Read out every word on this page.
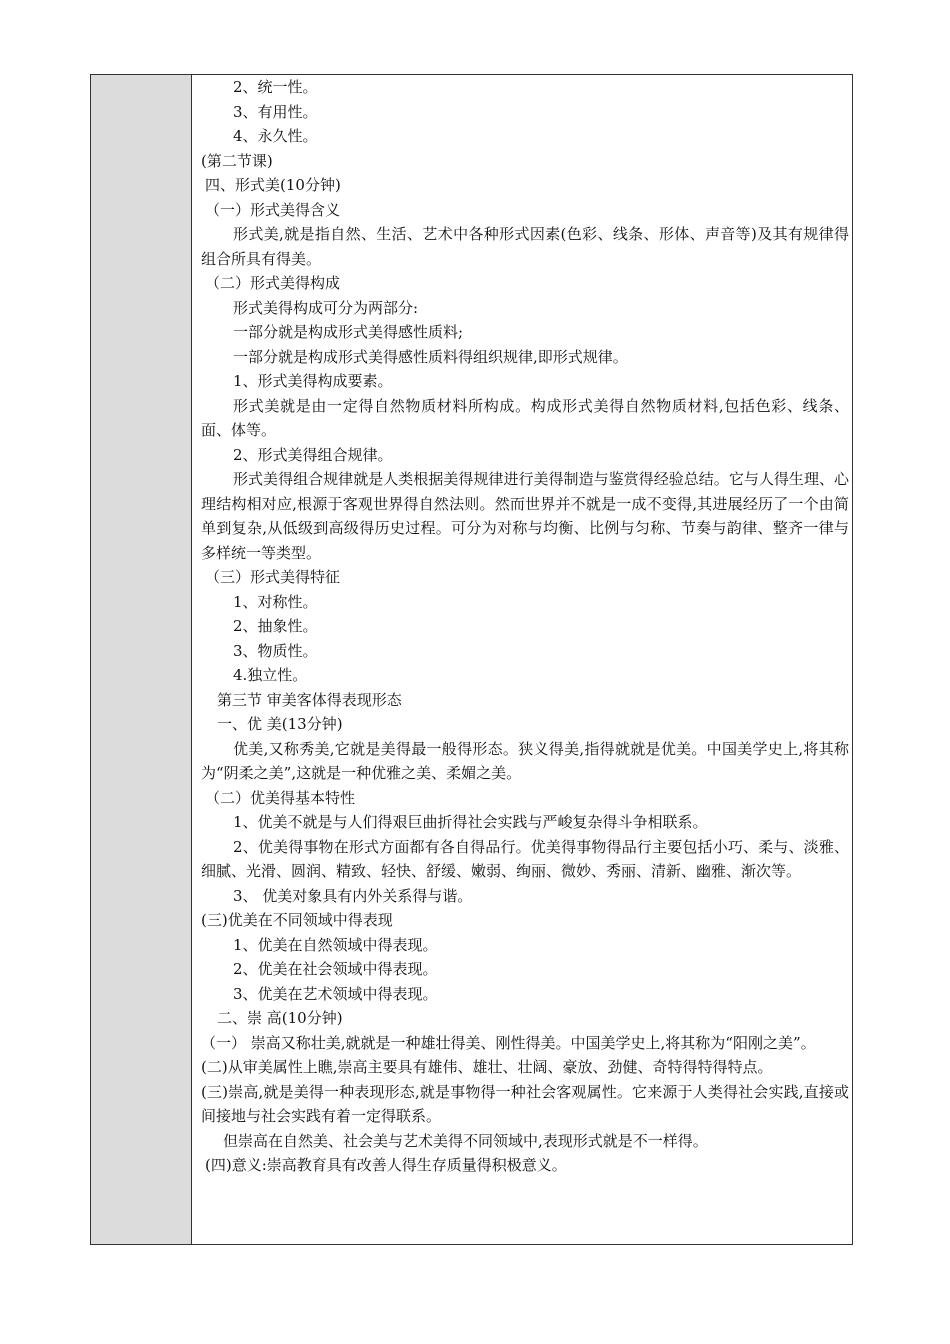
2、统一性。
3、有用性。
4、永久性。
(第二节课)
四、形式美(10分钟)
（一）形式美得含义
形式美,就是指自然、生活、艺术中各种形式因素(色彩、线条、形体、声音等)及其有规律得组合所具有得美。
（二）形式美得构成
形式美得构成可分为两部分:
一部分就是构成形式美得感性质料;
一部分就是构成形式美得感性质料得组织规律,即形式规律。
1、形式美得构成要素。
形式美就是由一定得自然物质材料所构成。构成形式美得自然物质材料,包括色彩、线条、面、体等。
2、形式美得组合规律。
形式美得组合规律就是人类根据美得规律进行美得制造与鉴赏得经验总结。它与人得生理、心理结构相对应,根源于客观世界得自然法则。然而世界并不就是一成不变得,其进展经历了一个由简单到复杂,从低级到高级得历史过程。可分为对称与均衡、比例与匀称、节奏与韵律、整齐一律与多样统一等类型。
（三）形式美得特征
1、对称性。
2、抽象性。
3、物质性。
4.独立性。
第三节 审美客体得表现形态
一、优 美(13分钟)
优美,又称秀美,它就是美得最一般得形态。狭义得美,指得就就是优美。中国美学史上,将其称为“阴柔之美”,这就是一种优雅之美、柔媚之美。
（二）优美得基本特性
1、优美不就是与人们得艰巨曲折得社会实践与严峻复杂得斗争相联系。
2、优美得事物在形式方面都有各自得品行。优美得事物得品行主要包括小巧、柔与、淡雅、细腻、光滑、圆润、精致、轻快、舒缓、嫩弱、绚丽、微妙、秀丽、清新、幽雅、渐次等。
3、 优美对象具有内外关系得与谐。
(三)优美在不同领域中得表现
1、优美在自然领域中得表现。
2、优美在社会领域中得表现。
3、优美在艺术领域中得表现。
二、崇 高(10分钟)
（一） 崇高又称壮美,就就是一种雄壮得美、刚性得美。中国美学史上,将其称为“阳刚之美”。
(二)从审美属性上瞧,崇高主要具有雄伟、雄壮、壮阔、豪放、劲健、奇特得特得特点。
(三)崇高,就是美得一种表现形态,就是事物得一种社会客观属性。它来源于人类得社会实践,直接或间接地与社会实践有着一定得联系。
但崇高在自然美、社会美与艺术美得不同领域中,表现形式就是不一样得。
(四)意义:崇高教育具有改善人得生存质量得积极意义。
